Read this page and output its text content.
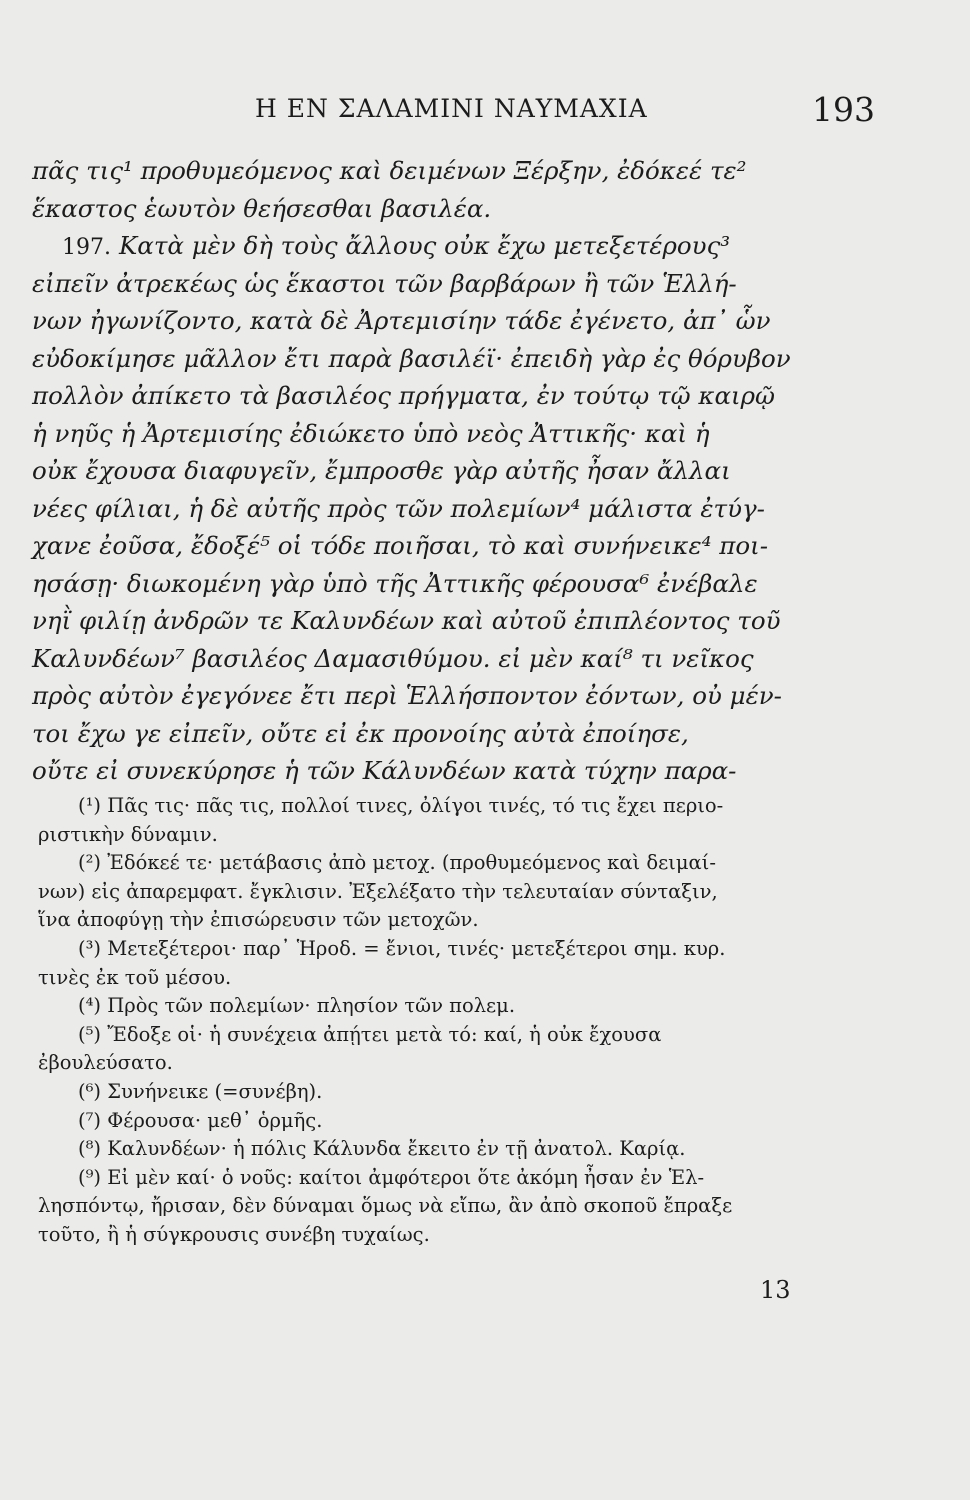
Η ΕΝ ΣΑΛΑΜΙΝΙ ΝΑΥΜΑΧΙΑ	193
πᾶς τις¹ προθυμεόμενος καὶ δειμένων Ξέρξην, ἐδόκεέ τε²
ἕκαστος ἑωυτὸν θεήσεσθαι βασιλέα.
197. Κατὰ μὲν δὴ τοὺς ἄλλους οὐκ ἔχω μετεξετέρους³
εἰπεῖν ἀτρεκέως ὡς ἕκαστοι τῶν βαρβάρων ἢ τῶν Ἑλλή-
νων ἠγωνίζοντο, κατὰ δὲ Ἀρτεμισίην τάδε ἐγένετο, ἀπ᾿ ὧν
εὐδοκίμησε μᾶλλον ἔτι παρὰ βασιλέϊ· ἐπειδὴ γὰρ ἐς θόρυβον
πολλὸν ἀπίκετο τὰ βασιλέος πρήγματα, ἐν τούτῳ τῷ καιρῷ
ἡ νηῦς ἡ Ἀρτεμισίης ἐδιώκετο ὑπὸ νεὸς Ἀττικῆς· καὶ ἡ
οὐκ ἔχουσα διαφυγεῖν, ἔμπροσθε γὰρ αὐτῆς ἦσαν ἄλλαι
νέες φίλιαι, ἡ δὲ αὐτῆς πρὸς τῶν πολεμίων⁴ μάλιστα ἐτύγ-
χανε ἐοῦσα, ἔδοξέ⁵ οἱ τόδε ποιῆσαι, τὸ καὶ συνήνεικε⁴ ποι-
ησάσῃ· διωκομένη γὰρ ὑπὸ τῆς Ἀττικῆς φέρουσα⁶ ἐνέβαλε
νηῒ φιλίῃ ἀνδρῶν τε Καλυνδέων καὶ αὐτοῦ ἐπιπλέοντος τοῦ
Καλυνδέων⁷ βασιλέος Δαμασιθύμου. εἰ μὲν καί⁸ τι νεῖκος
πρὸς αὐτὸν ἐγεγόνεε ἔτι περὶ Ἑλλήσποντον ἐόντων, οὐ μέν-
τοι ἔχω γε εἰπεῖν, οὔτε εἰ ἐκ προνοίης αὐτὰ ἐποίησε,
οὔτε εἰ συνεκύρησε ἡ τῶν Κάλυνδέων κατὰ τύχην παρα-
(¹) Πᾶς τις· πᾶς τις, πολλοί τινες, ὀλίγοι τινές, τό τις ἔχει περιο-
ριστικὴν δύναμιν.
(²) Ἐδόκεέ τε· μετάβασις ἀπὸ μετοχ. (προθυμεόμενος καὶ δειμαί-
νων) εἰς ἀπαρεμφατ. ἔγκλισιν. Ἐξελέξατο τὴν τελευταίαν σύνταξιν,
ἵνα ἀποφύγῃ τὴν ἐπισώρευσιν τῶν μετοχῶν.
(³) Μετεξέτεροι· παρ᾿ Ἡροδ. = ἔνιοι, τινές· μετεξέτεροι σημ. κυρ.
τινὲς ἐκ τοῦ μέσου.
(⁴) Πρὸς τῶν πολεμίων· πλησίον τῶν πολεμ.
(⁵) Ἔδοξε οἱ· ἡ συνέχεια ἀπῄτει μετὰ τό: καί, ἡ οὐκ ἔχουσα
ἐβουλεύσατο.
(⁶) Συνήνεικε (=συνέβη).
(⁷) Φέρουσα· μεθ᾿ ὁρμῆς.
(⁸) Καλυνδέων· ἡ πόλις Κάλυνδα ἔκειτο ἐν τῇ ἀνατολ. Καρίᾳ.
(⁹) Εἰ μὲν καί· ὁ νοῦς: καίτοι ἀμφότεροι ὅτε ἀκόμη ἦσαν ἐν Ἑλ-
λησπόντῳ, ἤρισαν, δὲν δύναμαι ὅμως νὰ εἴπω, ἂν ἀπὸ σκοποῦ ἔπραξε
τοῦτο, ἢ ἡ σύγκρουσις συνέβη τυχαίως.
13
